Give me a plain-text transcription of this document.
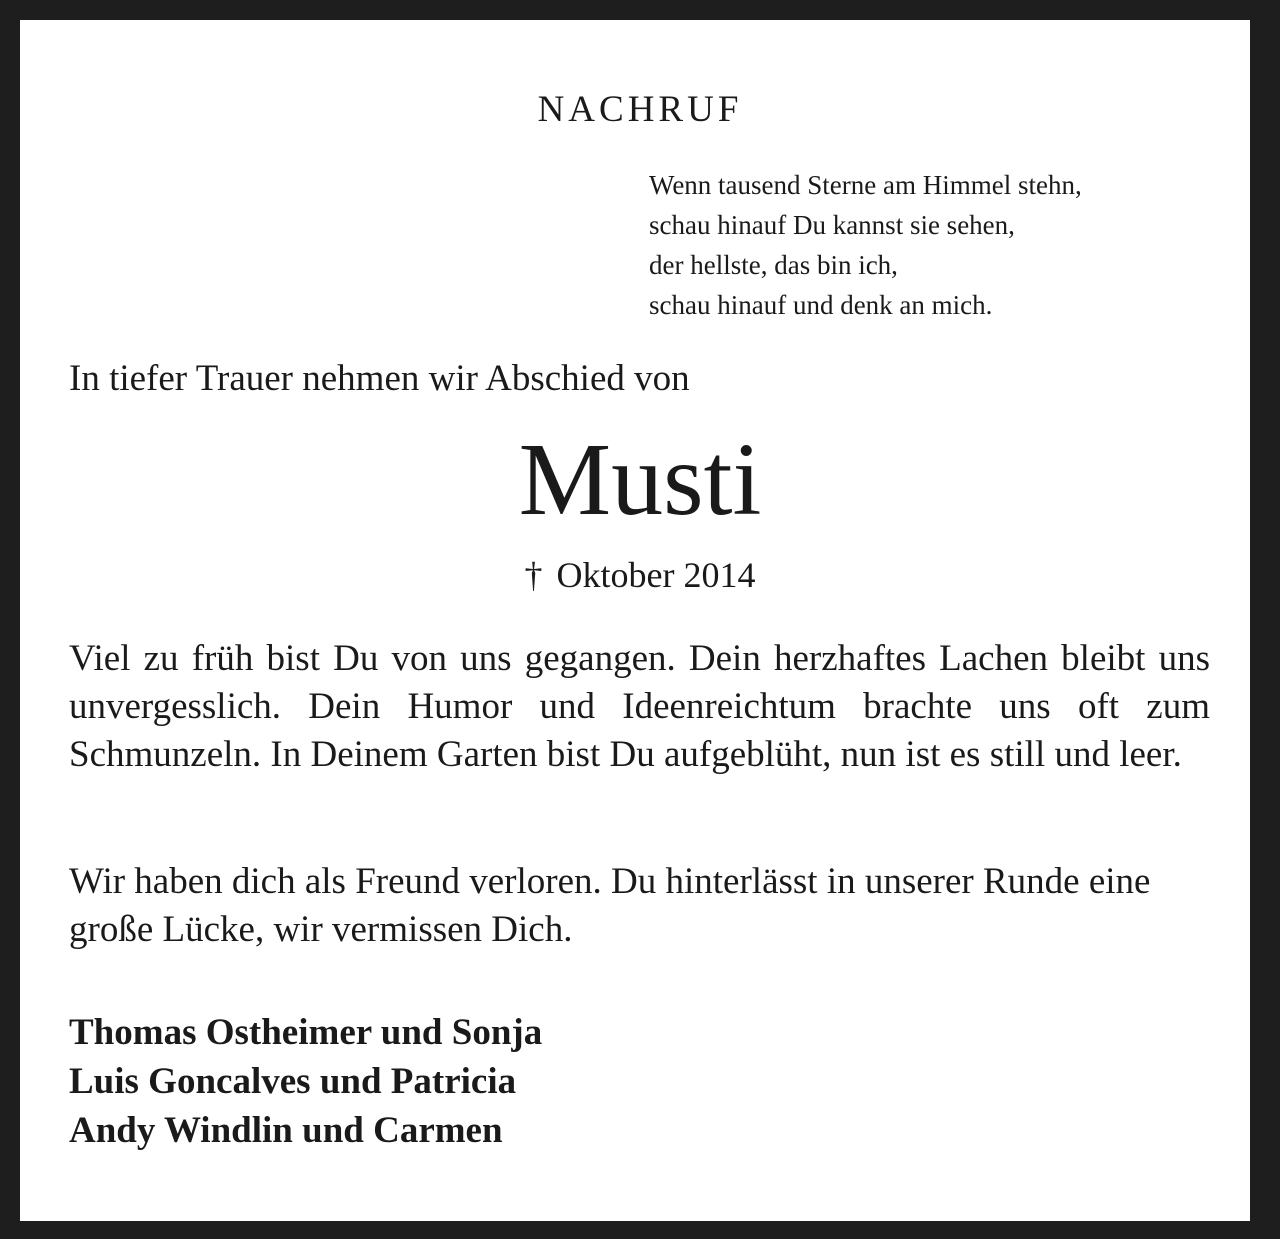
NACHRUF
Wenn tausend Sterne am Himmel stehn,
schau hinauf Du kannst sie sehen,
der hellste, das bin ich,
schau hinauf und denk an mich.
In tiefer Trauer nehmen wir Abschied von
Musti
† Oktober 2014

Viel zu früh bist Du von uns gegangen. Dein herzhaftes Lachen bleibt uns unvergesslich. Dein Humor und Ideenreichtum brachte uns oft zum Schmunzeln. In Deinem Garten bist Du aufgeblüht, nun ist es still und leer.

Wir haben dich als Freund verloren. Du hinterlässt in unserer Runde eine große Lücke, wir vermissen Dich.

Thomas Ostheimer und Sonja
Luis Goncalves und Patricia
Andy Windlin und Carmen
